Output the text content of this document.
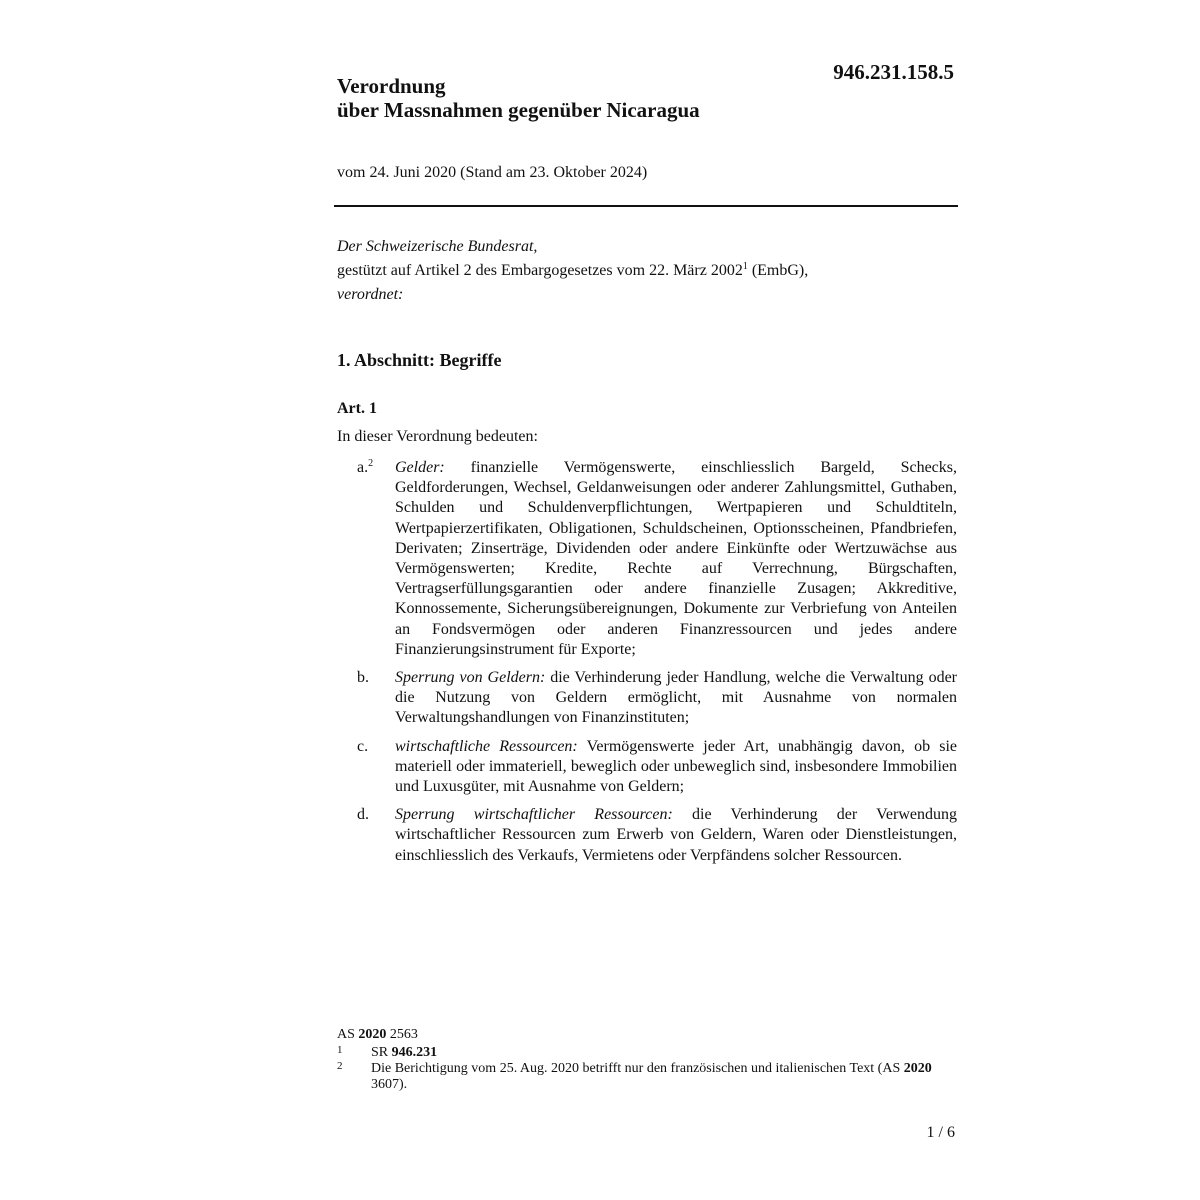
946.231.158.5
Verordnung
über Massnahmen gegenüber Nicaragua
vom 24. Juni 2020 (Stand am 23. Oktober 2024)
Der Schweizerische Bundesrat,
gestützt auf Artikel 2 des Embargogesetzes vom 22. März 2002$^1$ (EmbG),
verordnet:
1. Abschnitt: Begriffe
Art. 1
In dieser Verordnung bedeuten:
a.$^2$ Gelder: finanzielle Vermögenswerte, einschliesslich Bargeld, Schecks, Geldforderungen, Wechsel, Geldanweisungen oder anderer Zahlungsmittel, Guthaben, Schulden und Schuldenverpflichtungen, Wertpapieren und Schuldtiteln, Wertpapierzertifikaten, Obligationen, Schuldscheinen, Optionsscheinen, Pfandbriefen, Derivaten; Zinserträge, Dividenden oder andere Einkünfte oder Wertzuwächse aus Vermögenswerten; Kredite, Rechte auf Verrechnung, Bürgschaften, Vertragserfüllungsgarantien oder andere finanzielle Zusagen; Akkreditive, Konnossemente, Sicherungsübereignungen, Dokumente zur Verbriefung von Anteilen an Fondsvermögen oder anderen Finanzressourcen und jedes andere Finanzierungsinstrument für Exporte;
b. Sperrung von Geldern: die Verhinderung jeder Handlung, welche die Verwaltung oder die Nutzung von Geldern ermöglicht, mit Ausnahme von normalen Verwaltungshandlungen von Finanzinstituten;
c. wirtschaftliche Ressourcen: Vermögenswerte jeder Art, unabhängig davon, ob sie materiell oder immateriell, beweglich oder unbeweglich sind, insbesondere Immobilien und Luxusgüter, mit Ausnahme von Geldern;
d. Sperrung wirtschaftlicher Ressourcen: die Verhinderung der Verwendung wirtschaftlicher Ressourcen zum Erwerb von Geldern, Waren oder Dienstleistungen, einschliesslich des Verkaufs, Vermietens oder Verpfändens solcher Ressourcen.
AS 2020 2563
1 SR 946.231
2 Die Berichtigung vom 25. Aug. 2020 betrifft nur den französischen und italienischen Text (AS 2020 3607).
1 / 6
